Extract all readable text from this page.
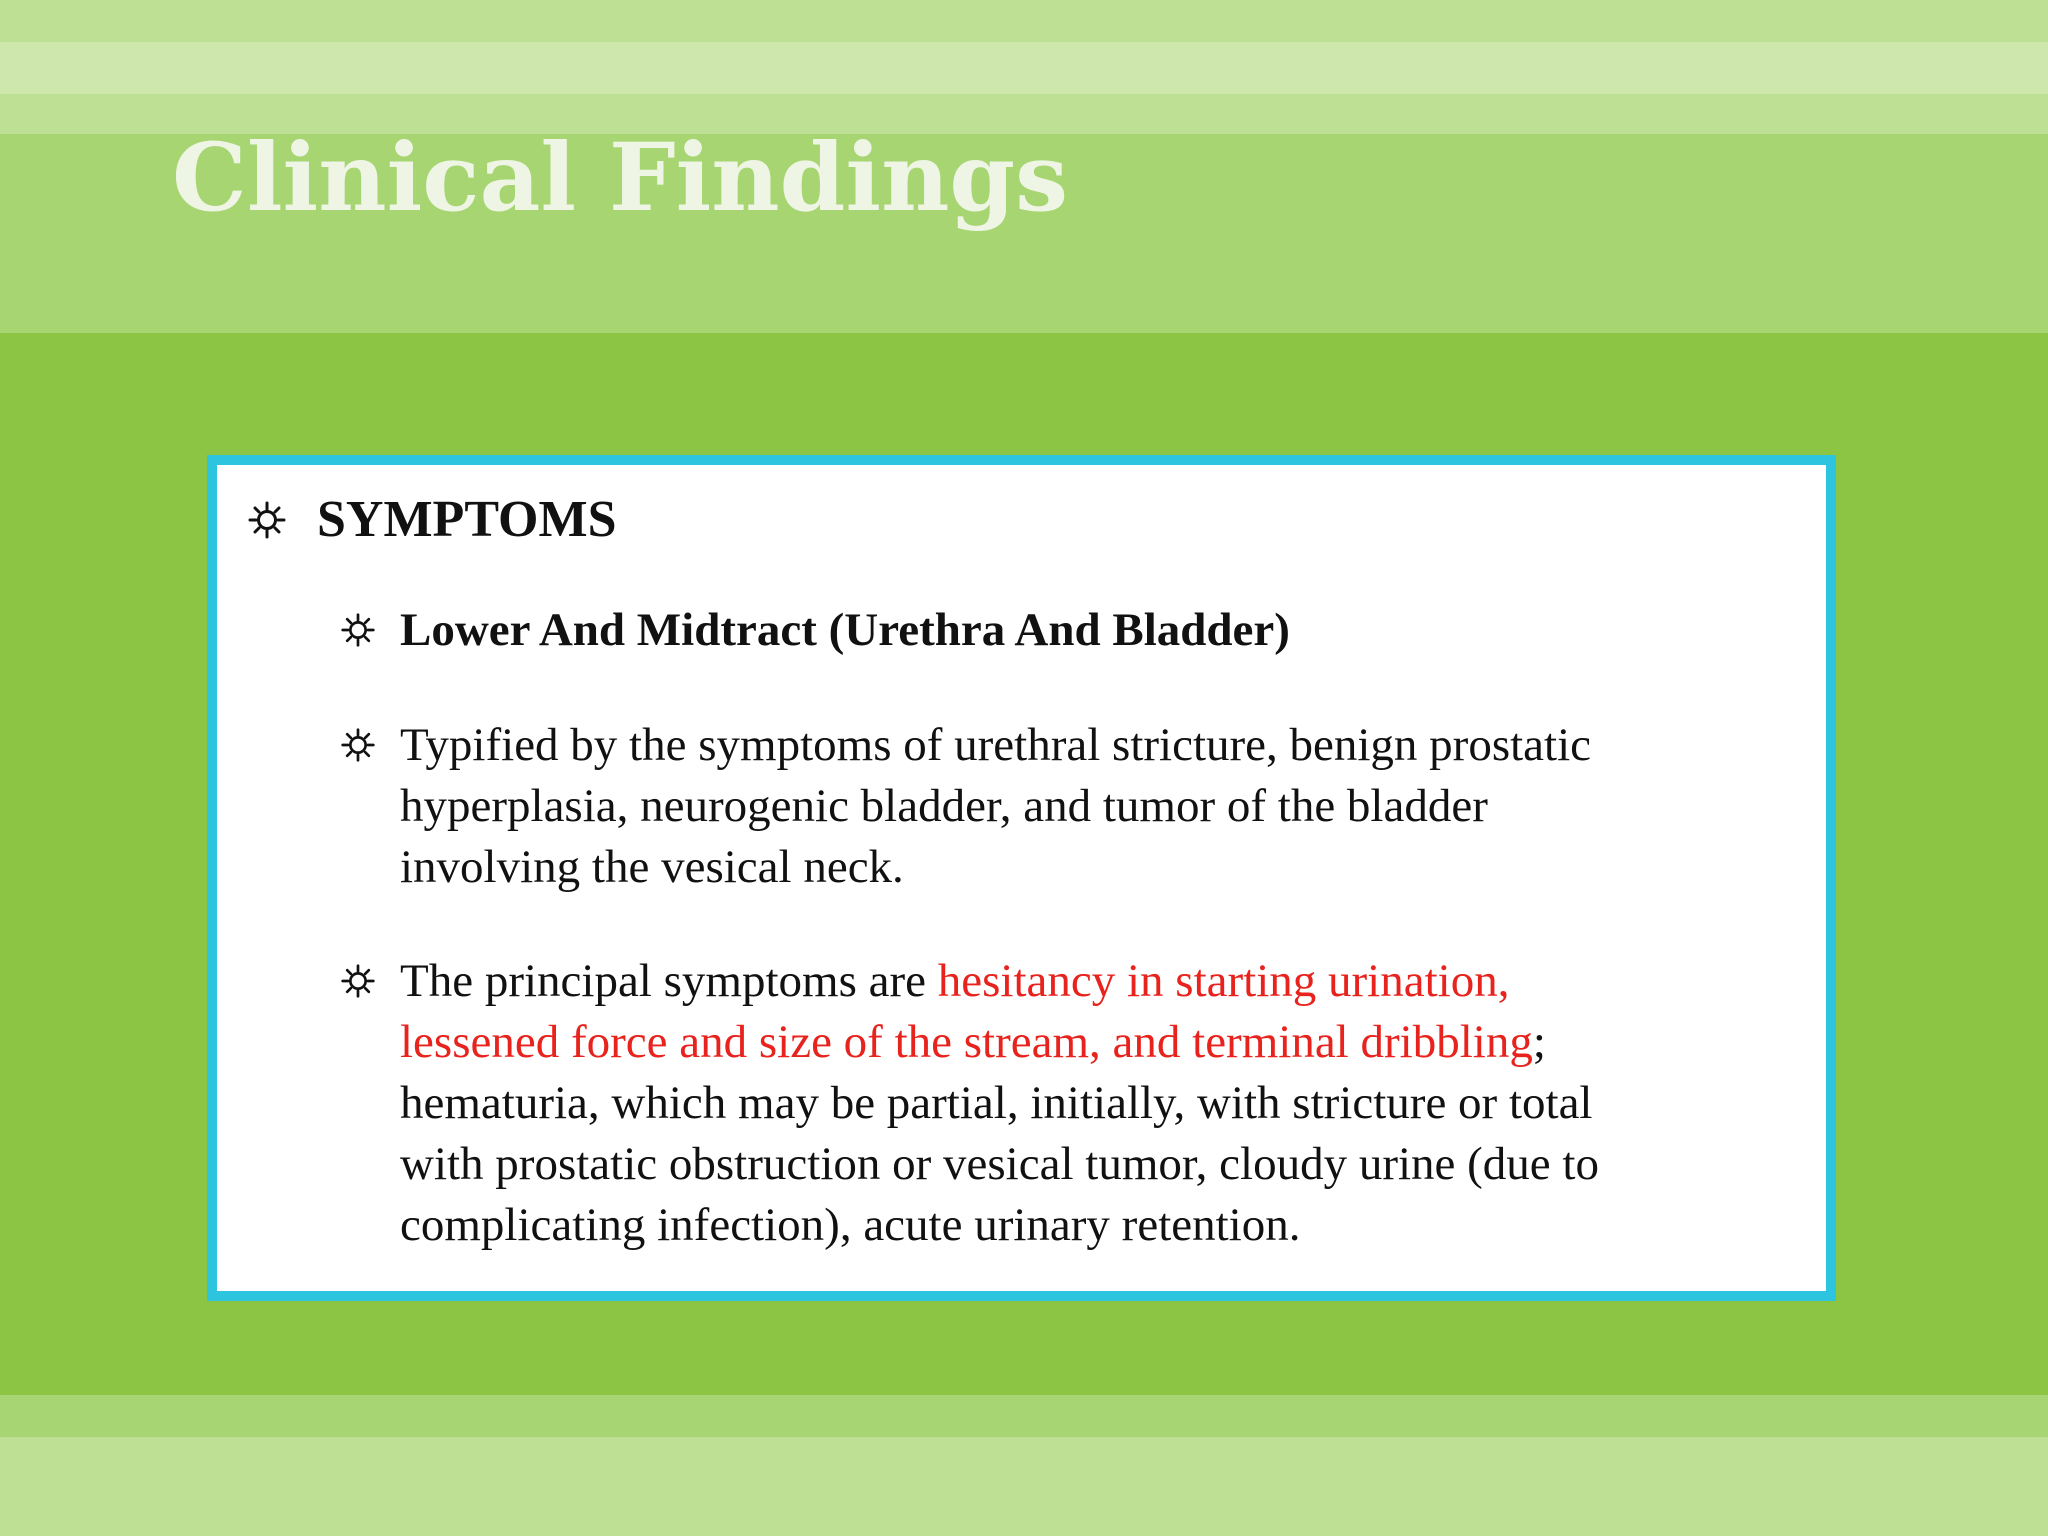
Clinical Findings
SYMPTOMS
Lower And Midtract (Urethra And Bladder)
Typified by the symptoms of urethral stricture, benign prostatic
hyperplasia, neurogenic bladder, and tumor of the bladder
involving the vesical neck.
The principal symptoms are hesitancy in starting urination,
lessened force and size of the stream, and terminal dribbling;
hematuria, which may be partial, initially, with stricture or total
with prostatic obstruction or vesical tumor, cloudy urine (due to
complicating infection), acute urinary retention.
